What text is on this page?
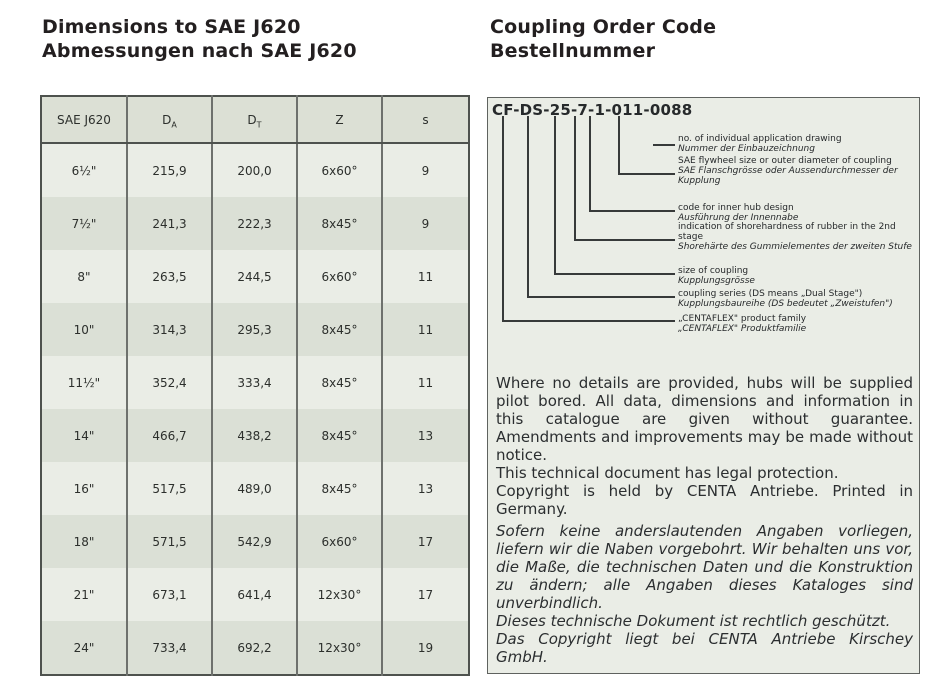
Dimensions to SAE J620
Abmessungen nach SAE J620
Coupling Order Code
Bestellnummer
SAE J620	$D_A$	$D_T$	Z	s
6½"	215,9	200,0	6x60°	9
7½"	241,3	222,3	8x45°	9
8"	263,5	244,5	6x60°	11
10"	314,3	295,3	8x45°	11
11½"	352,4	333,4	8x45°	11
14"	466,7	438,2	8x45°	13
16"	517,5	489,0	8x45°	13
18"	571,5	542,9	6x60°	17
21"	673,1	641,4	12x30°	17
24"	733,4	692,2	12x30°	19
CF-DS-25-7-1-011-0088
no. of individual application drawing
Nummer der Einbauzeichnung
SAE flywheel size or outer diameter of coupling
SAE Flanschgrösse oder Aussendurchmesser der Kupplung
code for inner hub design
Ausführung der Innennabe
indication of shorehardness of rubber in the 2nd stage
Shorehärte des Gummielementes der zweiten Stufe
size of coupling
Kupplungsgrösse
coupling series (DS means „Dual Stage")
Kupplungsbaureihe (DS bedeutet „Zweistufen")
„CENTAFLEX" product family
„CENTAFLEX" Produktfamilie

Where no details are provided, hubs will be supplied pilot bored. All data, dimensions and information in this catalogue are given without guarantee. Amendments and improvements may be made without notice.

This technical document has legal protection.

Copyright is held by CENTA Antriebe. Printed in Germany.

Sofern keine anderslautenden Angaben vorliegen, liefern wir die Naben vorgebohrt. Wir behalten uns vor, die Maße, die technischen Daten und die Konstruktion zu ändern; alle Angaben dieses Kataloges sind unverbindlich.

Dieses technische Dokument ist rechtlich geschützt.

Das Copyright liegt bei CENTA Antriebe Kirschey GmbH.
